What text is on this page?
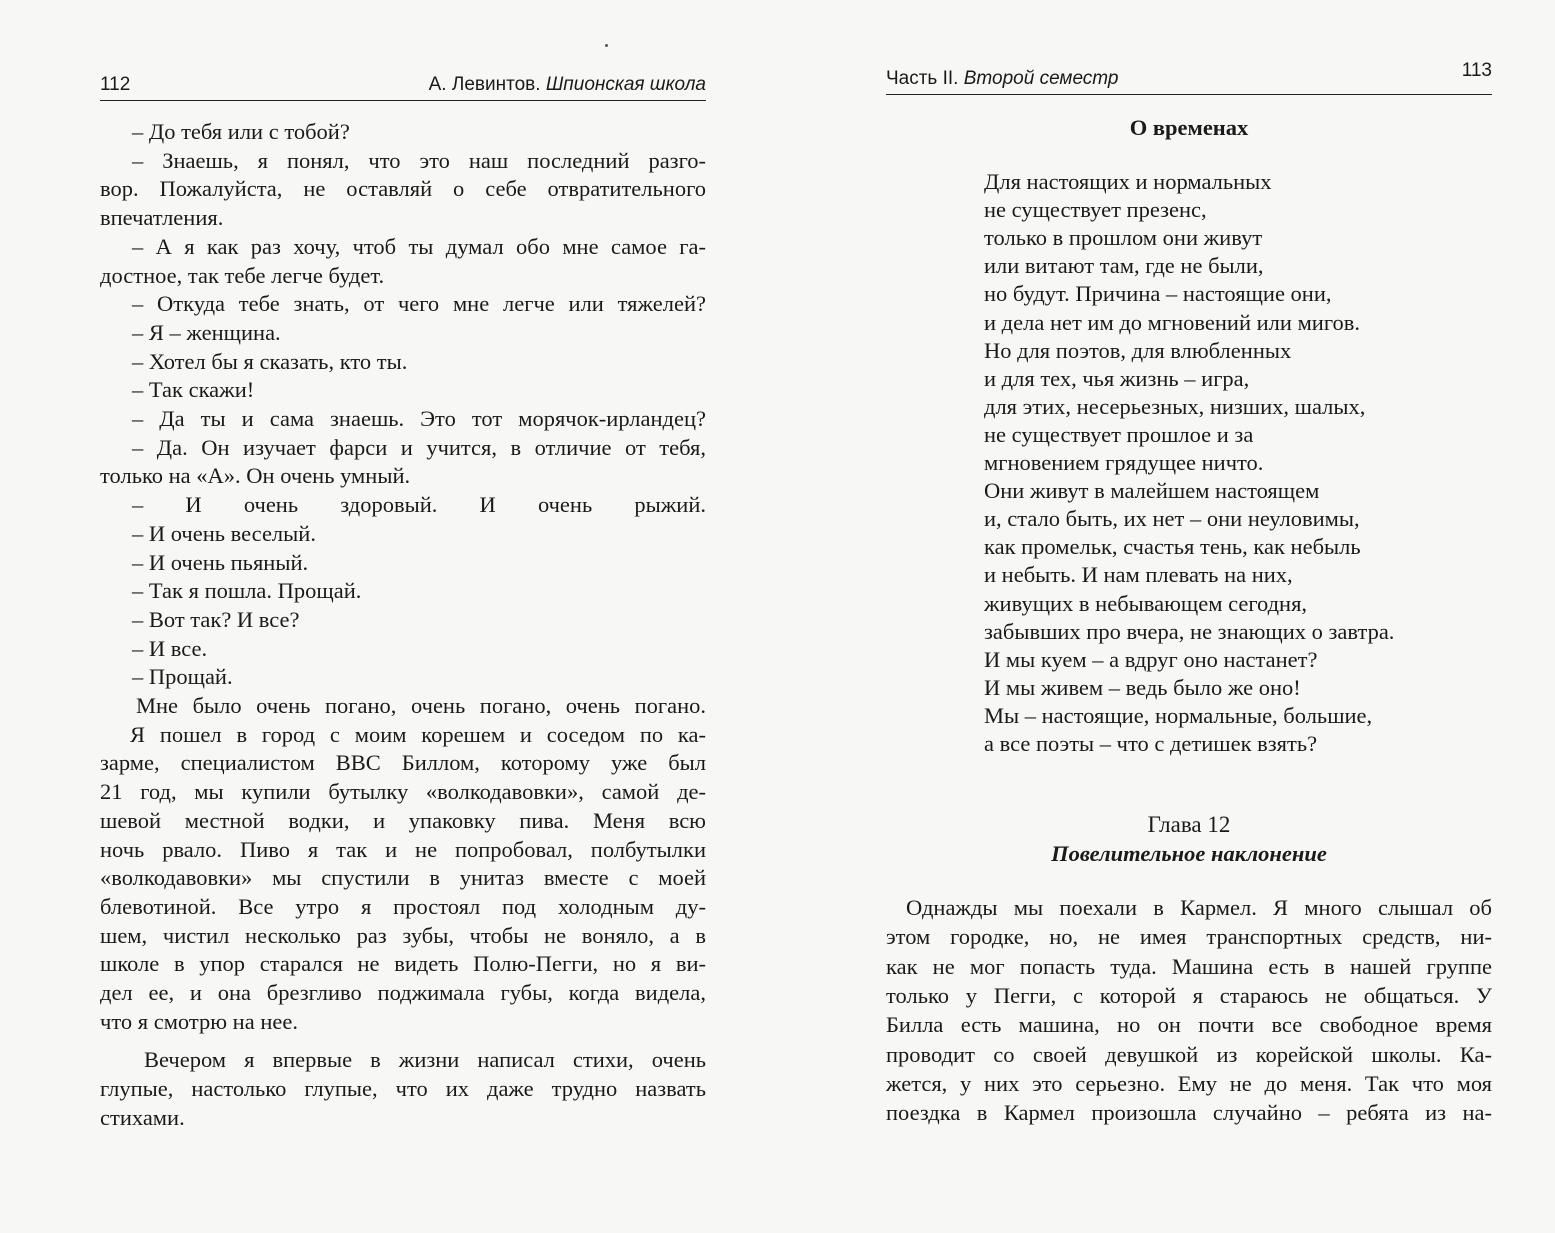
112	А. Левинтов. Шпионская школа
– До тебя или с тобой?
– Знаешь, я понял, что это наш последний разго-
вор. Пожалуйста, не оставляй о себе отвратительного
впечатления.
– А я как раз хочу, чтоб ты думал обо мне самое га-
достное, так тебе легче будет.
– Откуда тебе знать, от чего мне легче или тяжелей?
– Я – женщина.
– Хотел бы я сказать, кто ты.
– Так скажи!
– Да ты и сама знаешь. Это тот морячок-ирландец?
– Да. Он изучает фарси и учится, в отличие от тебя,
только на «А». Он очень умный.
– И очень здоровый. И очень рыжий.
– И очень веселый.
– И очень пьяный.
– Так я пошла. Прощай.
– Вот так? И все?
– И все.
– Прощай.
Мне было очень погано, очень погано, очень погано.
Я пошел в город с моим корешем и соседом по ка-
зарме, специалистом ВВС Биллом, которому уже был
21 год, мы купили бутылку «волкодавовки», самой де-
шевой местной водки, и упаковку пива. Меня всю
ночь рвало. Пиво я так и не попробовал, полбутылки
«волкодавовки» мы спустили в унитаз вместе с моей
блевотиной. Все утро я простоял под холодным ду-
шем, чистил несколько раз зубы, чтобы не воняло, а в
школе в упор старался не видеть Полю-Пегги, но я ви-
дел ее, и она брезгливо поджимала губы, когда видела,
что я смотрю на нее.
Вечером я впервые в жизни написал стихи, очень
глупые, настолько глупые, что их даже трудно назвать
стихами.
Часть II. Второй семестр	113
О временах
Для настоящих и нормальных
не существует презенс,
только в прошлом они живут
или витают там, где не были,
но будут. Причина – настоящие они,
и дела нет им до мгновений или мигов.
Но для поэтов, для влюбленных
и для тех, чья жизнь – игра,
для этих, несерьезных, низших, шалых,
не существует прошлое и за
мгновением грядущее ничто.
Они живут в малейшем настоящем
и, стало быть, их нет – они неуловимы,
как промельк, счастья тень, как небыль
и небыть. И нам плевать на них,
живущих в небывающем сегодня,
забывших про вчера, не знающих о завтра.
И мы куем – а вдруг оно настанет?
И мы живем – ведь было же оно!
Мы – настоящие, нормальные, большие,
а все поэты – что с детишек взять?
Глава 12
Повелительное наклонение
Однажды мы поехали в Кармел. Я много слышал об
этом городке, но, не имея транспортных средств, ни-
как не мог попасть туда. Машина есть в нашей группе
только у Пегги, с которой я стараюсь не общаться. У
Билла есть машина, но он почти все свободное время
проводит со своей девушкой из корейской школы. Ка-
жется, у них это серьезно. Ему не до меня. Так что моя
поездка в Кармел произошла случайно – ребята из на-
